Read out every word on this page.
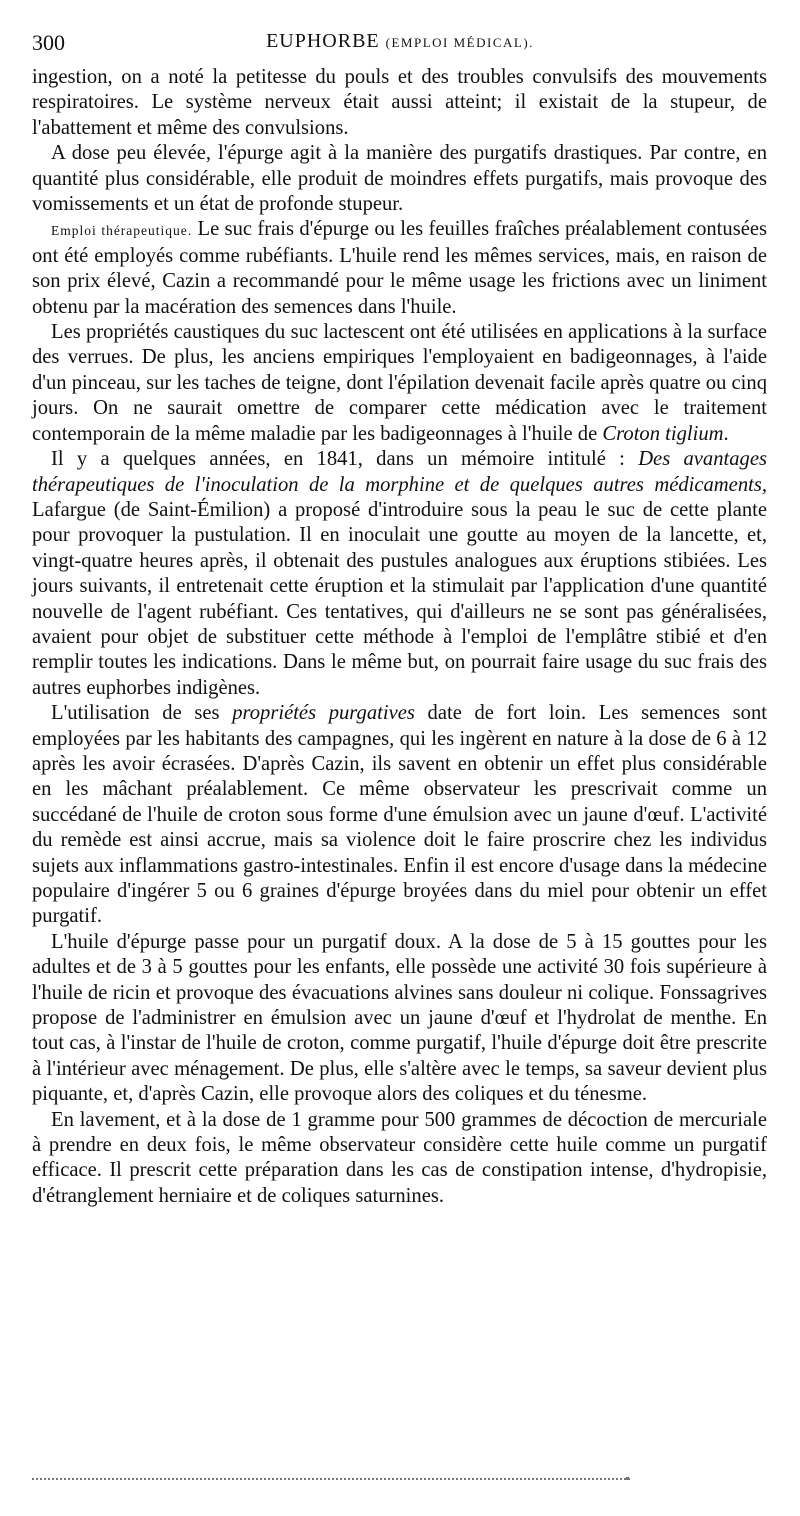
300	EUPHORBE (EMPLOI MÉDICAL).

ingestion, on a noté la petitesse du pouls et des troubles convulsifs des mouvements respiratoires. Le système nerveux était aussi atteint; il existait de la stupeur, de l'abattement et même des convulsions.

A dose peu élevée, l'épurge agit à la manière des purgatifs drastiques. Par contre, en quantité plus considérable, elle produit de moindres effets purgatifs, mais provoque des vomissements et un état de profonde stupeur.

Emploi thérapeutique. Le suc frais d'épurge ou les feuilles fraîches préalablement contusées ont été employés comme rubéfiants. L'huile rend les mêmes services, mais, en raison de son prix élevé, Cazin a recommandé pour le même usage les frictions avec un liniment obtenu par la macération des semences dans l'huile.

Les propriétés caustiques du suc lactescent ont été utilisées en applications à la surface des verrues. De plus, les anciens empiriques l'employaient en badigeonnages, à l'aide d'un pinceau, sur les taches de teigne, dont l'épilation devenait facile après quatre ou cinq jours. On ne saurait omettre de comparer cette médication avec le traitement contemporain de la même maladie par les badigeonnages à l'huile de Croton tiglium.

Il y a quelques années, en 1841, dans un mémoire intitulé : Des avantages thérapeutiques de l'inoculation de la morphine et de quelques autres médicaments, Lafargue (de Saint-Émilion) a proposé d'introduire sous la peau le suc de cette plante pour provoquer la pustulation. Il en inoculait une goutte au moyen de la lancette, et, vingt-quatre heures après, il obtenait des pustules analogues aux éruptions stibiées. Les jours suivants, il entretenait cette éruption et la stimulait par l'application d'une quantité nouvelle de l'agent rubéfiant. Ces tentatives, qui d'ailleurs ne se sont pas généralisées, avaient pour objet de substituer cette méthode à l'emploi de l'emplâtre stibié et d'en remplir toutes les indications. Dans le même but, on pourrait faire usage du suc frais des autres euphorbes indigènes.

L'utilisation de ses propriétés purgatives date de fort loin. Les semences sont employées par les habitants des campagnes, qui les ingèrent en nature à la dose de 6 à 12 après les avoir écrasées. D'après Cazin, ils savent en obtenir un effet plus considérable en les mâchant préalablement. Ce même observateur les prescrivait comme un succédané de l'huile de croton sous forme d'une émulsion avec un jaune d'œuf. L'activité du remède est ainsi accrue, mais sa violence doit le faire proscrire chez les individus sujets aux inflammations gastro-intestinales. Enfin il est encore d'usage dans la médecine populaire d'ingérer 5 ou 6 graines d'épurge broyées dans du miel pour obtenir un effet purgatif.

L'huile d'épurge passe pour un purgatif doux. A la dose de 5 à 15 gouttes pour les adultes et de 3 à 5 gouttes pour les enfants, elle possède une activité 30 fois supérieure à l'huile de ricin et provoque des évacuations alvines sans douleur ni colique. Fonssagrives propose de l'administrer en émulsion avec un jaune d'œuf et l'hydrolat de menthe. En tout cas, à l'instar de l'huile de croton, comme purgatif, l'huile d'épurge doit être prescrite à l'intérieur avec ménagement. De plus, elle s'altère avec le temps, sa saveur devient plus piquante, et, d'après Cazin, elle provoque alors des coliques et du ténesme.

En lavement, et à la dose de 1 gramme pour 500 grammes de décoction de mercuriale à prendre en deux fois, le même observateur considère cette huile comme un purgatif efficace. Il prescrit cette préparation dans les cas de constipation intense, d'hydropisie, d'étranglement herniaire et de coliques saturnines.
